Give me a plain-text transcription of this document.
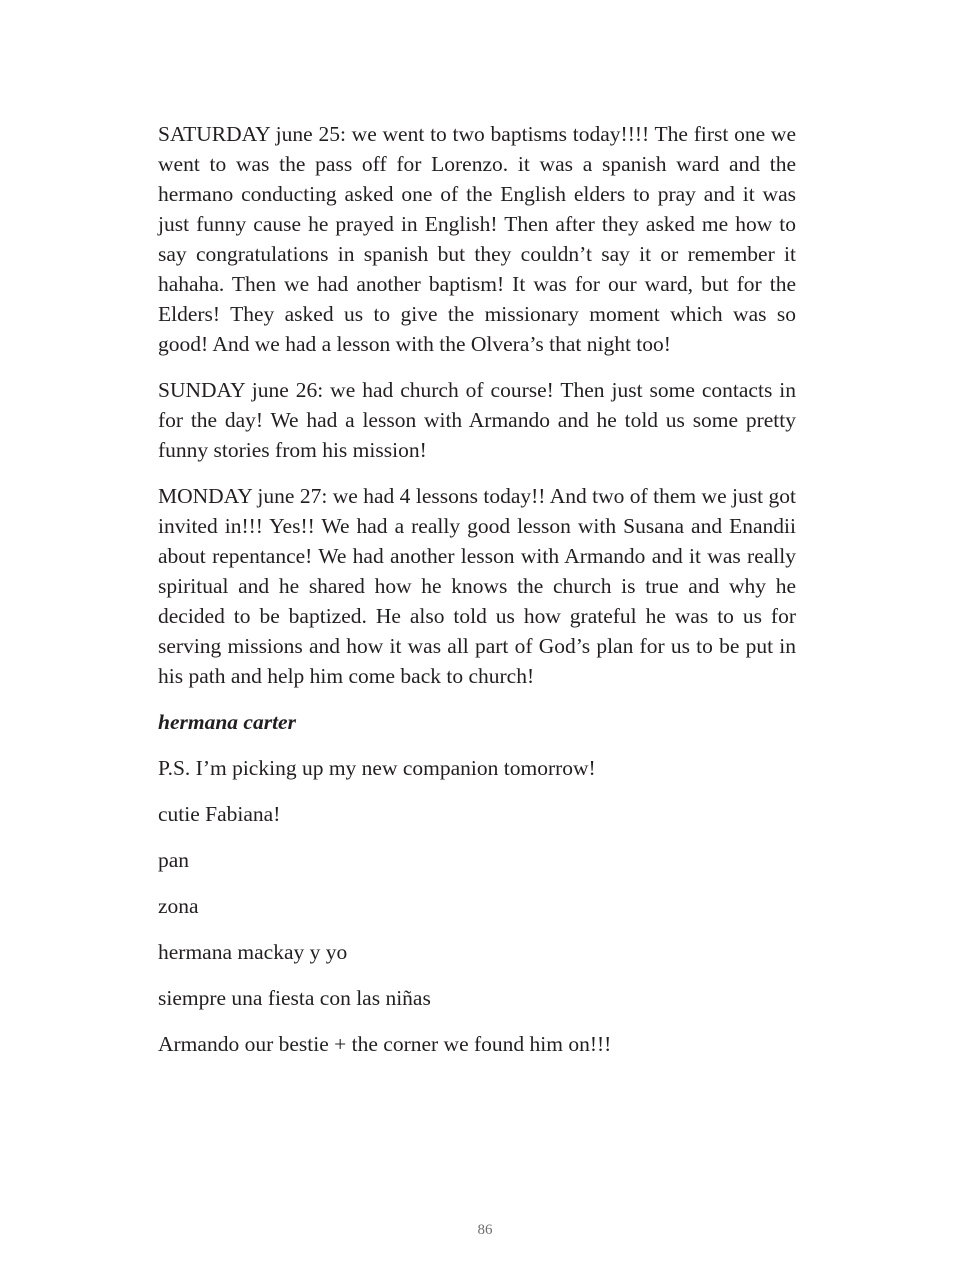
SATURDAY june 25: we went to two baptisms today!!!! The first one we went to was the pass off for Lorenzo. it was a spanish ward and the hermano conducting asked one of the English elders to pray and it was just funny cause he prayed in English! Then after they asked me how to say congratulations in spanish but they couldn’t say it or remember it hahaha. Then we had another baptism! It was for our ward, but for the Elders! They asked us to give the missionary moment which was so good! And we had a lesson with the Olvera’s that night too!

SUNDAY june 26: we had church of course! Then just some contacts in for the day! We had a lesson with Armando and he told us some pretty funny stories from his mission!

MONDAY june 27: we had 4 lessons today!! And two of them we just got invited in!!! Yes!! We had a really good lesson with Susana and Enandii about repentance! We had another lesson with Armando and it was really spiritual and he shared how he knows the church is true and why he decided to be baptized. He also told us how grateful he was to us for serving missions and how it was all part of God’s plan for us to be put in his path and help him come back to church!

hermana carter

P.S. I’m picking up my new companion tomorrow!

cutie Fabiana!

pan

zona

hermana mackay y yo

siempre una fiesta con las niñas

Armando our bestie + the corner we found him on!!!

86
